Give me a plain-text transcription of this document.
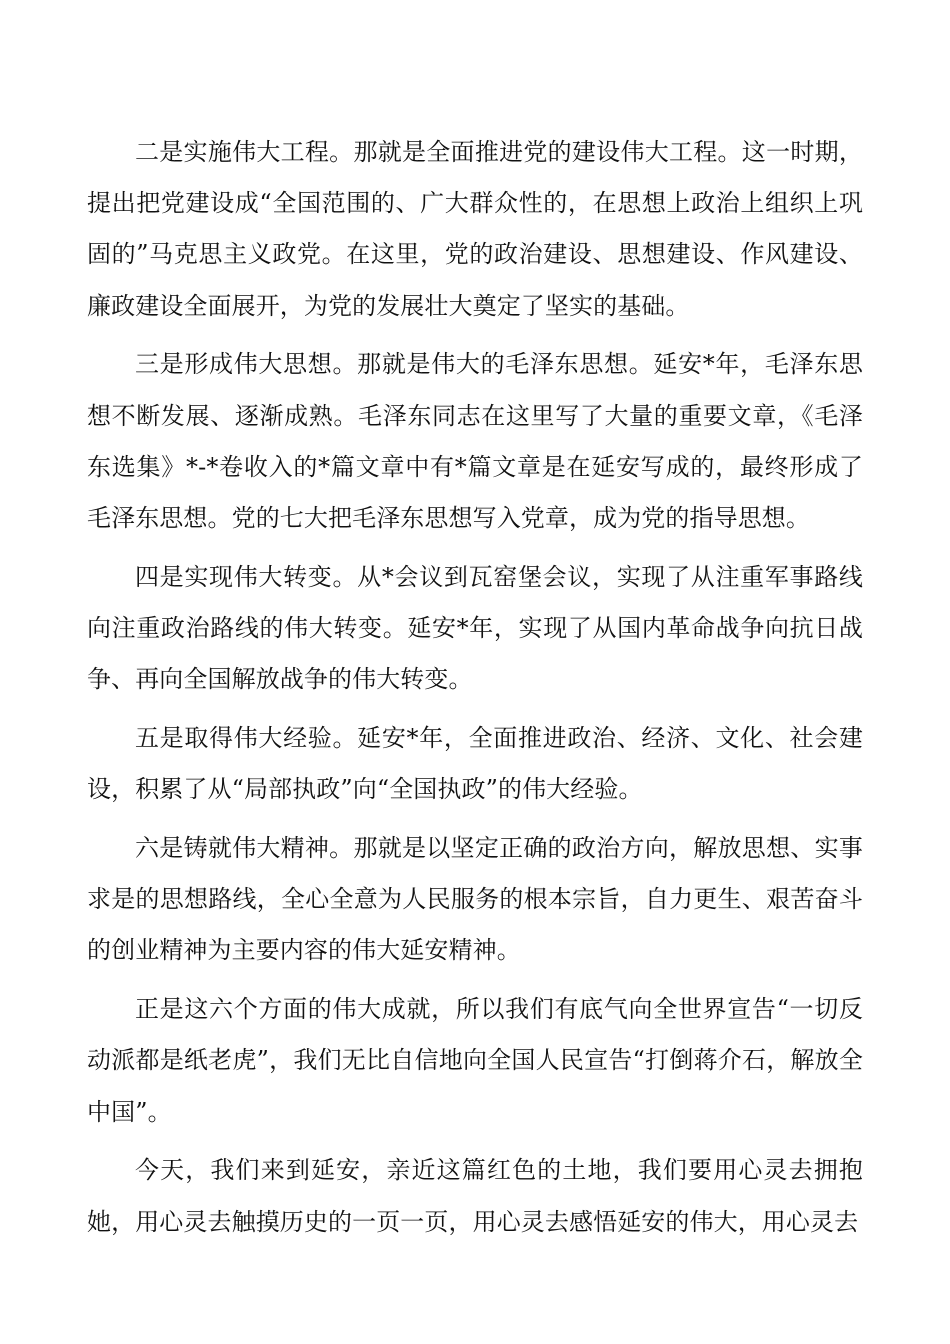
二是实施伟大工程。那就是全面推进党的建设伟大工程。这一时期，提出把党建设成“全国范围的、广大群众性的，在思想上政治上组织上巩固的”马克思主义政党。在这里，党的政治建设、思想建设、作风建设、廉政建设全面展开，为党的发展壮大奠定了坚实的基础。

三是形成伟大思想。那就是伟大的毛泽东思想。延安*年，毛泽东思想不断发展、逐渐成熟。毛泽东同志在这里写了大量的重要文章，《毛泽东选集》*-*卷收入的*篇文章中有*篇文章是在延安写成的，最终形成了毛泽东思想。党的七大把毛泽东思想写入党章，成为党的指导思想。

四是实现伟大转变。从*会议到瓦窑堡会议，实现了从注重军事路线向注重政治路线的伟大转变。延安*年，实现了从国内革命战争向抗日战争、再向全国解放战争的伟大转变。

五是取得伟大经验。延安*年，全面推进政治、经济、文化、社会建设，积累了从“局部执政”向“全国执政”的伟大经验。

六是铸就伟大精神。那就是以坚定正确的政治方向，解放思想、实事求是的思想路线，全心全意为人民服务的根本宗旨，自力更生、艰苦奋斗的创业精神为主要内容的伟大延安精神。

正是这六个方面的伟大成就，所以我们有底气向全世界宣告“一切反动派都是纸老虎”，我们无比自信地向全国人民宣告“打倒蒋介石，解放全中国”。

今天，我们来到延安，亲近这篇红色的土地，我们要用心灵去拥抱她，用心灵去触摸历史的一页一页，用心灵去感悟延安的伟大，用心灵去
